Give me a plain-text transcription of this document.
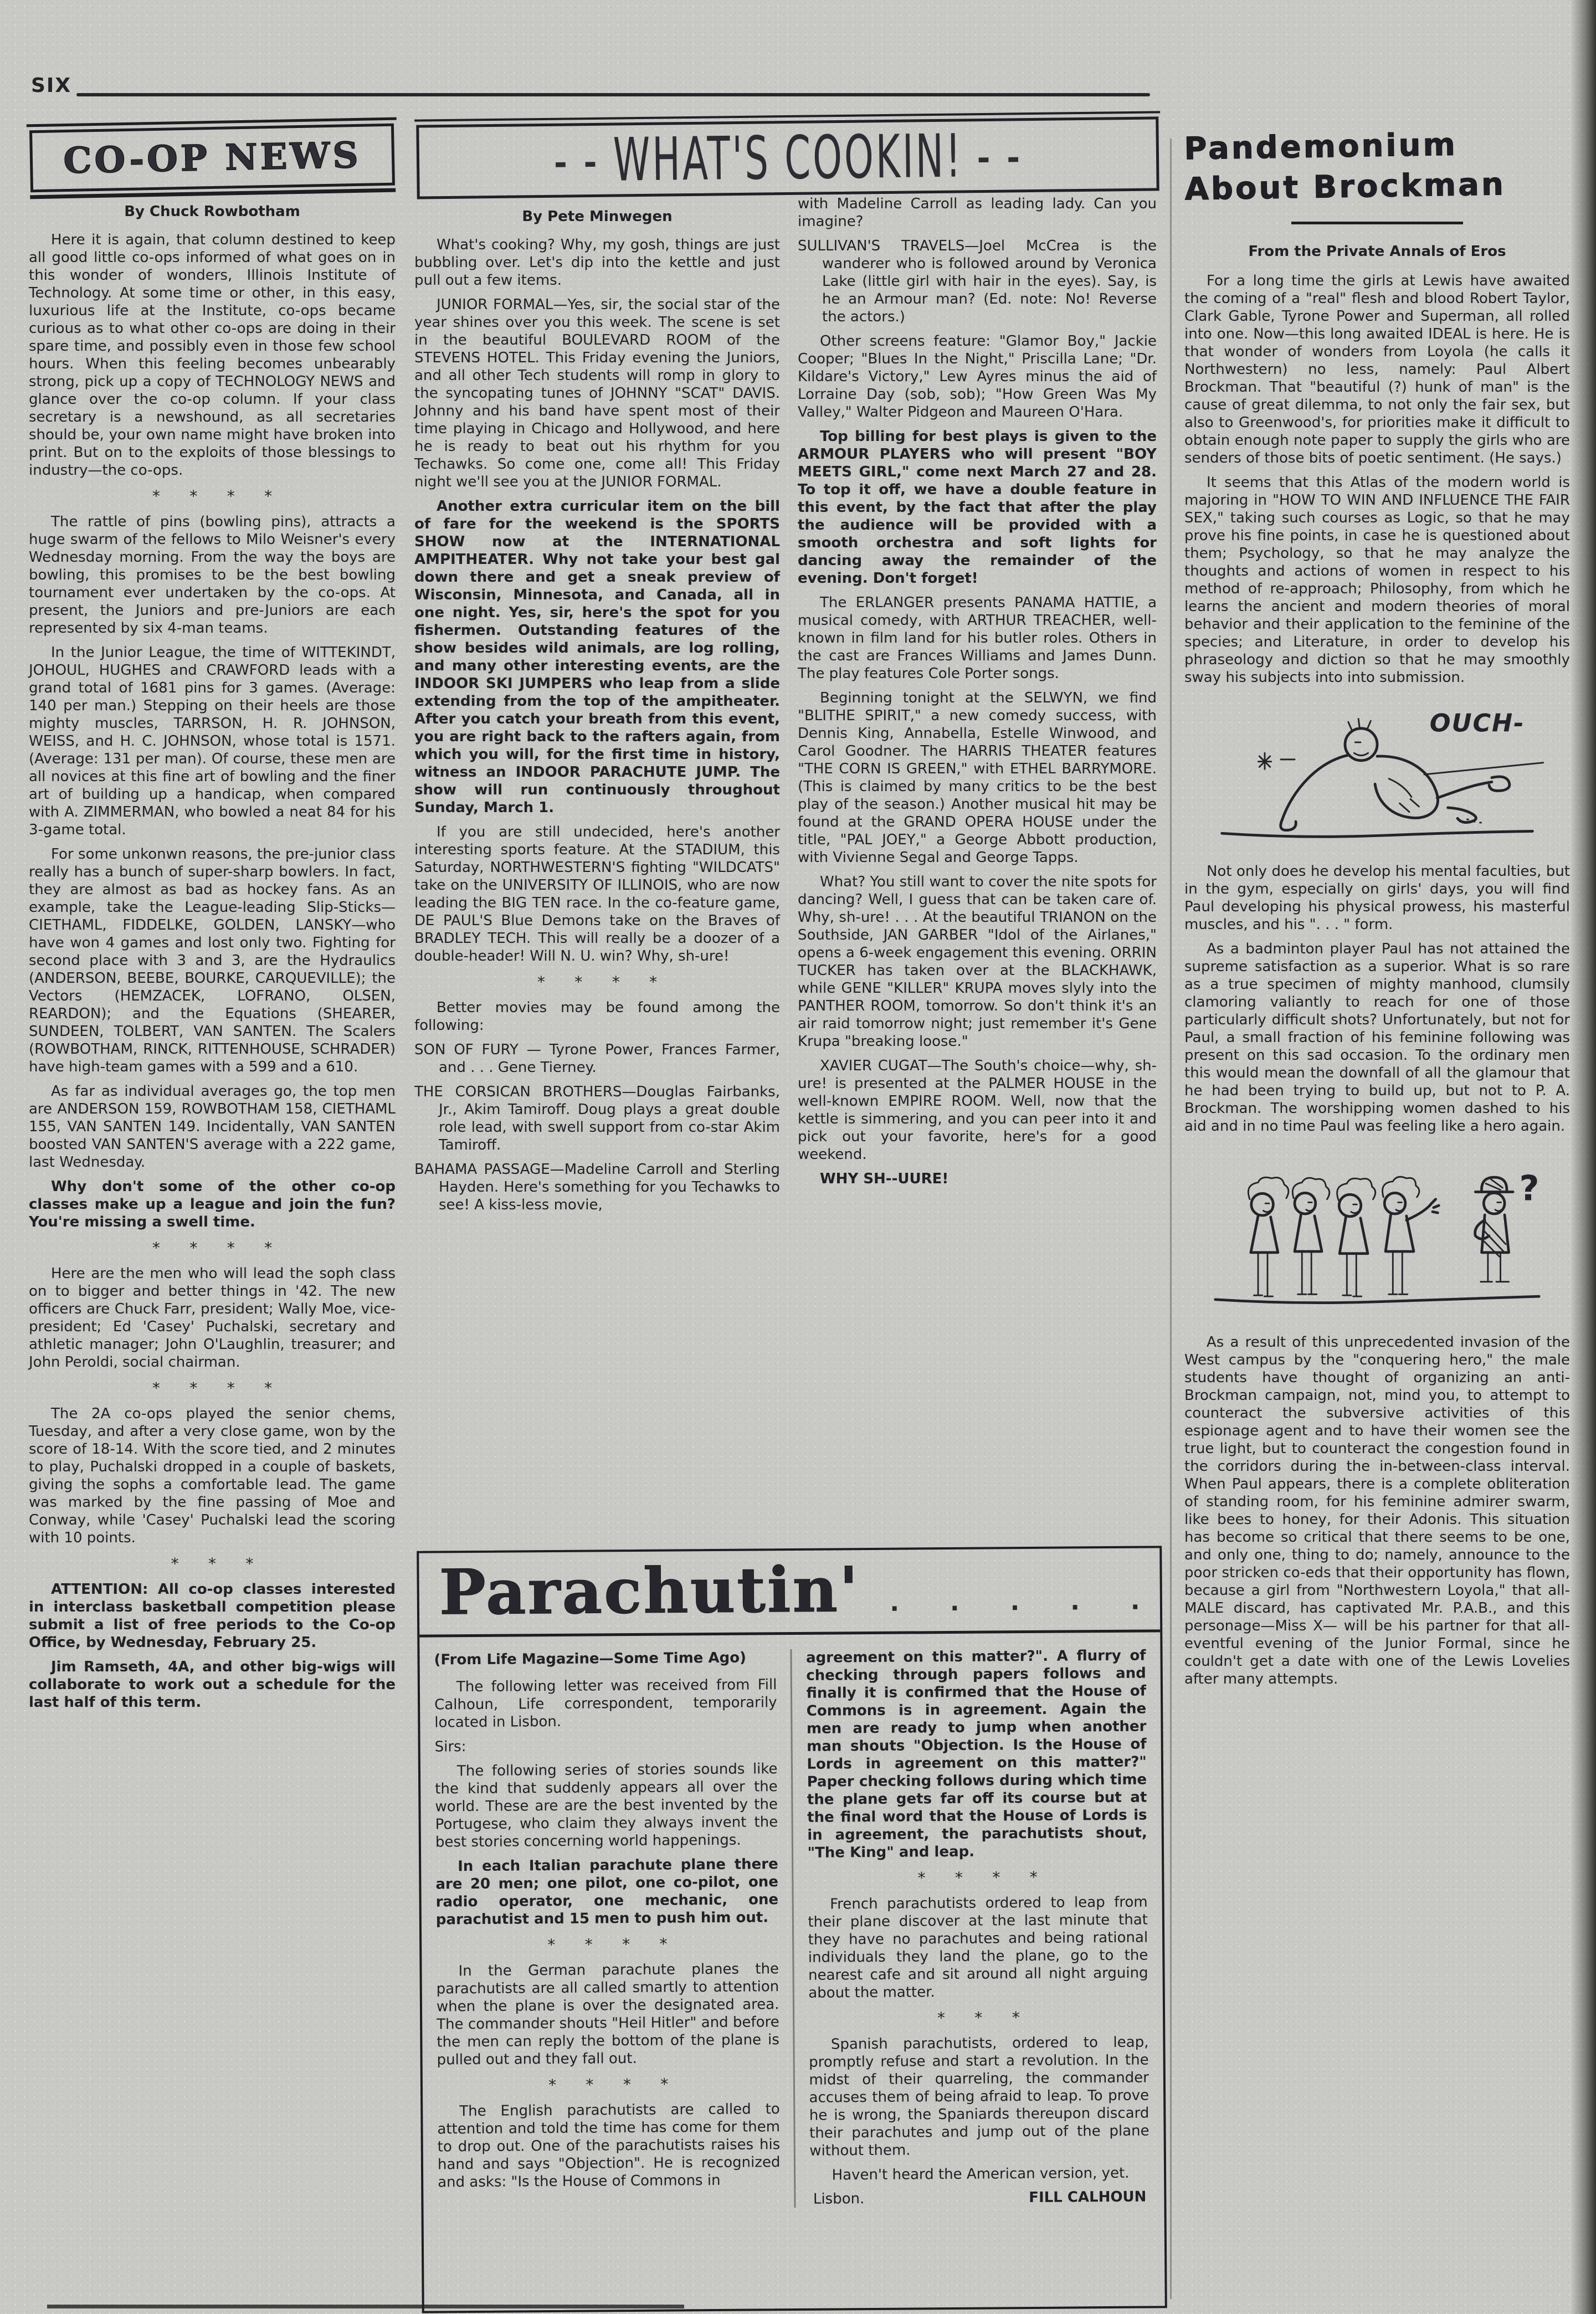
SIX
CO-OP NEWS
By Chuck Rowbotham

Here it is again, that column destined to keep all good little co-ops informed of what goes on in this wonder of wonders, Illinois Institute of Technology. At some time or other, in this easy, luxurious life at the Institute, co-ops became curious as to what other co-ops are doing in their spare time, and possibly even in those few school hours. When this feeling becomes unbearably strong, pick up a copy of TECHNOLOGY NEWS and glance over the co-op column. If your class secretary is a newshound, as all secretaries should be, your own name might have broken into print. But on to the exploits of those blessings to industry—the co-ops.

*      *      *      *

The rattle of pins (bowling pins), attracts a huge swarm of the fellows to Milo Weisner's every Wednesday morning. From the way the boys are bowling, this promises to be the best bowling tournament ever undertaken by the co-ops. At present, the Juniors and pre-Juniors are each represented by six 4-man teams.

In the Junior League, the time of WITTEKINDT, JOHOUL, HUGHES and CRAWFORD leads with a grand total of 1681 pins for 3 games. (Average: 140 per man.) Stepping on their heels are those mighty muscles, TARRSON, H. R. JOHNSON, WEISS, and H. C. JOHNSON, whose total is 1571. (Average: 131 per man). Of course, these men are all novices at this fine art of bowling and the finer art of building up a handicap, when compared with A. ZIMMERMAN, who bowled a neat 84 for his 3-game total.

For some unkonwn reasons, the pre-junior class really has a bunch of super-sharp bowlers. In fact, they are almost as bad as hockey fans. As an example, take the League-leading Slip-Sticks—CIETHAML, FIDDELKE, GOLDEN, LANSKY—who have won 4 games and lost only two. Fighting for second place with 3 and 3, are the Hydraulics (ANDERSON, BEEBE, BOURKE, CARQUEVILLE); the Vectors (HEMZACEK, LOFRANO, OLSEN, REARDON); and the Equations (SHEARER, SUNDEEN, TOLBERT, VAN SANTEN. The Scalers (ROWBOTHAM, RINCK, RITTENHOUSE, SCHRADER) have high-team games with a 599 and a 610.

As far as individual averages go, the top men are ANDERSON 159, ROWBOTHAM 158, CIETHAML 155, VAN SANTEN 149. Incidentally, VAN SANTEN boosted VAN SANTEN'S average with a 222 game, last Wednesday.

Why don't some of the other co-op classes make up a league and join the fun? You're missing a swell time.

*      *      *      *

Here are the men who will lead the soph class on to bigger and better things in '42. The new officers are Chuck Farr, president; Wally Moe, vice-president; Ed 'Casey' Puchalski, secretary and athletic manager; John O'Laughlin, treasurer; and John Peroldi, social chairman.

*      *      *      *

The 2A co-ops played the senior chems, Tuesday, and after a very close game, won by the score of 18-14. With the score tied, and 2 minutes to play, Puchalski dropped in a couple of baskets, giving the sophs a comfortable lead. The game was marked by the fine passing of Moe and Conway, while 'Casey' Puchalski lead the scoring with 10 points.

*      *      *

ATTENTION: All co-op classes interested in interclass basketball competition please submit a list of free periods to the Co-op Office, by Wednesday, February 25.

Jim Ramseth, 4A, and other big-wigs will collaborate to work out a schedule for the last half of this term.

- - WHAT'S COOKIN! - -
By Pete Minwegen

What's cooking? Why, my gosh, things are just bubbling over. Let's dip into the kettle and just pull out a few items.

JUNIOR FORMAL—Yes, sir, the social star of the year shines over you this week. The scene is set in the beautiful BOULEVARD ROOM of the STEVENS HOTEL. This Friday evening the Juniors, and all other Tech students will romp in glory to the syncopating tunes of JOHNNY "SCAT" DAVIS. Johnny and his band have spent most of their time playing in Chicago and Hollywood, and here he is ready to beat out his rhythm for you Techawks. So come one, come all! This Friday night we'll see you at the JUNIOR FORMAL.

Another extra curricular item on the bill of fare for the weekend is the SPORTS SHOW now at the INTERNATIONAL AMPITHEATER. Why not take your best gal down there and get a sneak preview of Wisconsin, Minnesota, and Canada, all in one night. Yes, sir, here's the spot for you fishermen. Outstanding features of the show besides wild animals, are log rolling, and many other interesting events, are the INDOOR SKI JUMPERS who leap from a slide extending from the top of the ampitheater. After you catch your breath from this event, you are right back to the rafters again, from which you will, for the first time in history, witness an INDOOR PARACHUTE JUMP. The show will run continuously throughout Sunday, March 1.

If you are still undecided, here's another interesting sports feature. At the STADIUM, this Saturday, NORTHWESTERN'S fighting "WILDCATS" take on the UNIVERSITY OF ILLINOIS, who are now leading the BIG TEN race. In the co-feature game, DE PAUL'S Blue Demons take on the Braves of BRADLEY TECH. This will really be a doozer of a double-header! Will N. U. win? Why, sh-ure!

*      *      *      *

Better movies may be found among the following:

SON OF FURY — Tyrone Power, Frances Farmer, and . . . Gene Tierney.

THE CORSICAN BROTHERS—Douglas Fairbanks, Jr., Akim Tamiroff. Doug plays a great double role lead, with swell support from co-star Akim Tamiroff.

BAHAMA PASSAGE—Madeline Carroll and Sterling Hayden. Here's something for you Techawks to see! A kiss-less movie,

with Madeline Carroll as leading lady. Can you imagine?

SULLIVAN'S TRAVELS—Joel McCrea is the wanderer who is followed around by Veronica Lake (little girl with hair in the eyes). Say, is he an Armour man? (Ed. note: No! Reverse the actors.)

Other screens feature: "Glamor Boy," Jackie Cooper; "Blues In the Night," Priscilla Lane; "Dr. Kildare's Victory," Lew Ayres minus the aid of Lorraine Day (sob, sob); "How Green Was My Valley," Walter Pidgeon and Maureen O'Hara.

Top billing for best plays is given to the ARMOUR PLAYERS who will present "BOY MEETS GIRL," come next March 27 and 28. To top it off, we have a double feature in this event, by the fact that after the play the audience will be provided with a smooth orchestra and soft lights for dancing away the remainder of the evening. Don't forget!

The ERLANGER presents PANAMA HATTIE, a musical comedy, with ARTHUR TREACHER, well-known in film land for his butler roles. Others in the cast are Frances Williams and James Dunn. The play features Cole Porter songs.

Beginning tonight at the SELWYN, we find "BLITHE SPIRIT," a new comedy success, with Dennis King, Annabella, Estelle Winwood, and Carol Goodner. The HARRIS THEATER features "THE CORN IS GREEN," with ETHEL BARRYMORE. (This is claimed by many critics to be the best play of the season.) Another musical hit may be found at the GRAND OPERA HOUSE under the title, "PAL JOEY," a George Abbott production, with Vivienne Segal and George Tapps.

What? You still want to cover the nite spots for dancing? Well, I guess that can be taken care of. Why, sh-ure! . . . At the beautiful TRIANON on the Southside, JAN GARBER "Idol of the Airlanes," opens a 6-week engagement this evening. ORRIN TUCKER has taken over at the BLACKHAWK, while GENE "KILLER" KRUPA moves slyly into the PANTHER ROOM, tomorrow. So don't think it's an air raid tomorrow night; just remember it's Gene Krupa "breaking loose."

XAVIER CUGAT—The South's choice—why, sh-ure! is presented at the PALMER HOUSE in the well-known EMPIRE ROOM. Well, now that the kettle is simmering, and you can peer into it and pick out your favorite, here's for a good weekend.

WHY SH--UURE!

Parachutin' .      .      .      .      .
(From Life Magazine—Some Time Ago)

The following letter was received from Fill Calhoun, Life correspondent, temporarily located in Lisbon.

Sirs:

The following series of stories sounds like the kind that suddenly appears all over the world. These are are the best invented by the Portugese, who claim they always invent the best stories concerning world happenings.

In each Italian parachute plane there are 20 men; one pilot, one co-pilot, one radio operator, one mechanic, one parachutist and 15 men to push him out.

*      *      *      *

In the German parachute planes the parachutists are all called smartly to attention when the plane is over the designated area. The commander shouts "Heil Hitler" and before the men can reply the bottom of the plane is pulled out and they fall out.

*      *      *      *

The English parachutists are called to attention and told the time has come for them to drop out. One of the parachutists raises his hand and says "Objection". He is recognized and asks: "Is the House of Commons in

agreement on this matter?". A flurry of checking through papers follows and finally it is confirmed that the House of Commons is in agreement. Again the men are ready to jump when another man shouts "Objection. Is the House of Lords in agreement on this matter?" Paper checking follows during which time the plane gets far off its course but at the final word that the House of Lords is in agreement, the parachutists shout, "The King" and leap.

*      *      *      *

French parachutists ordered to leap from their plane discover at the last minute that they have no parachutes and being rational individuals they land the plane, go to the nearest cafe and sit around all night arguing about the matter.

*      *      *

Spanish parachutists, ordered to leap, promptly refuse and start a revolution. In the midst of their quarreling, the commander accuses them of being afraid to leap. To prove he is wrong, the Spaniards thereupon discard their parachutes and jump out of the plane without them.

Haven't heard the American version, yet.

Lisbon.	FILL CALHOUN
Pandemonium
About Brockman
From the Private Annals of Eros

For a long time the girls at Lewis have awaited the coming of a "real" flesh and blood Robert Taylor, Clark Gable, Tyrone Power and Superman, all rolled into one. Now—this long awaited IDEAL is here. He is that wonder of wonders from Loyola (he calls it Northwestern) no less, namely: Paul Albert Brockman. That "beautiful (?) hunk of man" is the cause of great dilemma, to not only the fair sex, but also to Greenwood's, for priorities make it difficult to obtain enough note paper to supply the girls who are senders of those bits of poetic sentiment. (He says.)

It seems that this Atlas of the modern world is majoring in "HOW TO WIN AND INFLUENCE THE FAIR SEX," taking such courses as Logic, so that he may prove his fine points, in case he is questioned about them; Psychology, so that he may analyze the thoughts and actions of women in respect to his method of re-approach; Philosophy, from which he learns the ancient and modern theories of moral behavior and their application to the feminine of the species; and Literature, in order to develop his phraseology and diction so that he may smoothly sway his subjects into into submission.

OUCH-

Not only does he develop his mental faculties, but in the gym, especially on girls' days, you will find Paul developing his physical prowess, his masterful muscles, and his ". . . " form.

As a badminton player Paul has not attained the supreme satisfaction as a superior. What is so rare as a true specimen of mighty manhood, clumsily clamoring valiantly to reach for one of those particularly difficult shots? Unfortunately, but not for Paul, a small fraction of his feminine following was present on this sad occasion. To the ordinary men this would mean the downfall of all the glamour that he had been trying to build up, but not to P. A. Brockman. The worshipping women dashed to his aid and in no time Paul was feeling like a hero again.

?

As a result of this unprecedented invasion of the West campus by the "conquering hero," the male students have thought of organizing an anti-Brockman campaign, not, mind you, to attempt to counteract the subversive activities of this espionage agent and to have their women see the true light, but to counteract the congestion found in the corridors during the in-between-class interval. When Paul appears, there is a complete obliteration of standing room, for his feminine admirer swarm, like bees to honey, for their Adonis. This situation has become so critical that there seems to be one, and only one, thing to do; namely, announce to the poor stricken co-eds that their opportunity has flown, because a girl from "Northwestern Loyola," that all-MALE discard, has captivated Mr. P.A.B., and this personage—Miss X— will be his partner for that all-eventful evening of the Junior Formal, since he couldn't get a date with one of the Lewis Lovelies after many attempts.
